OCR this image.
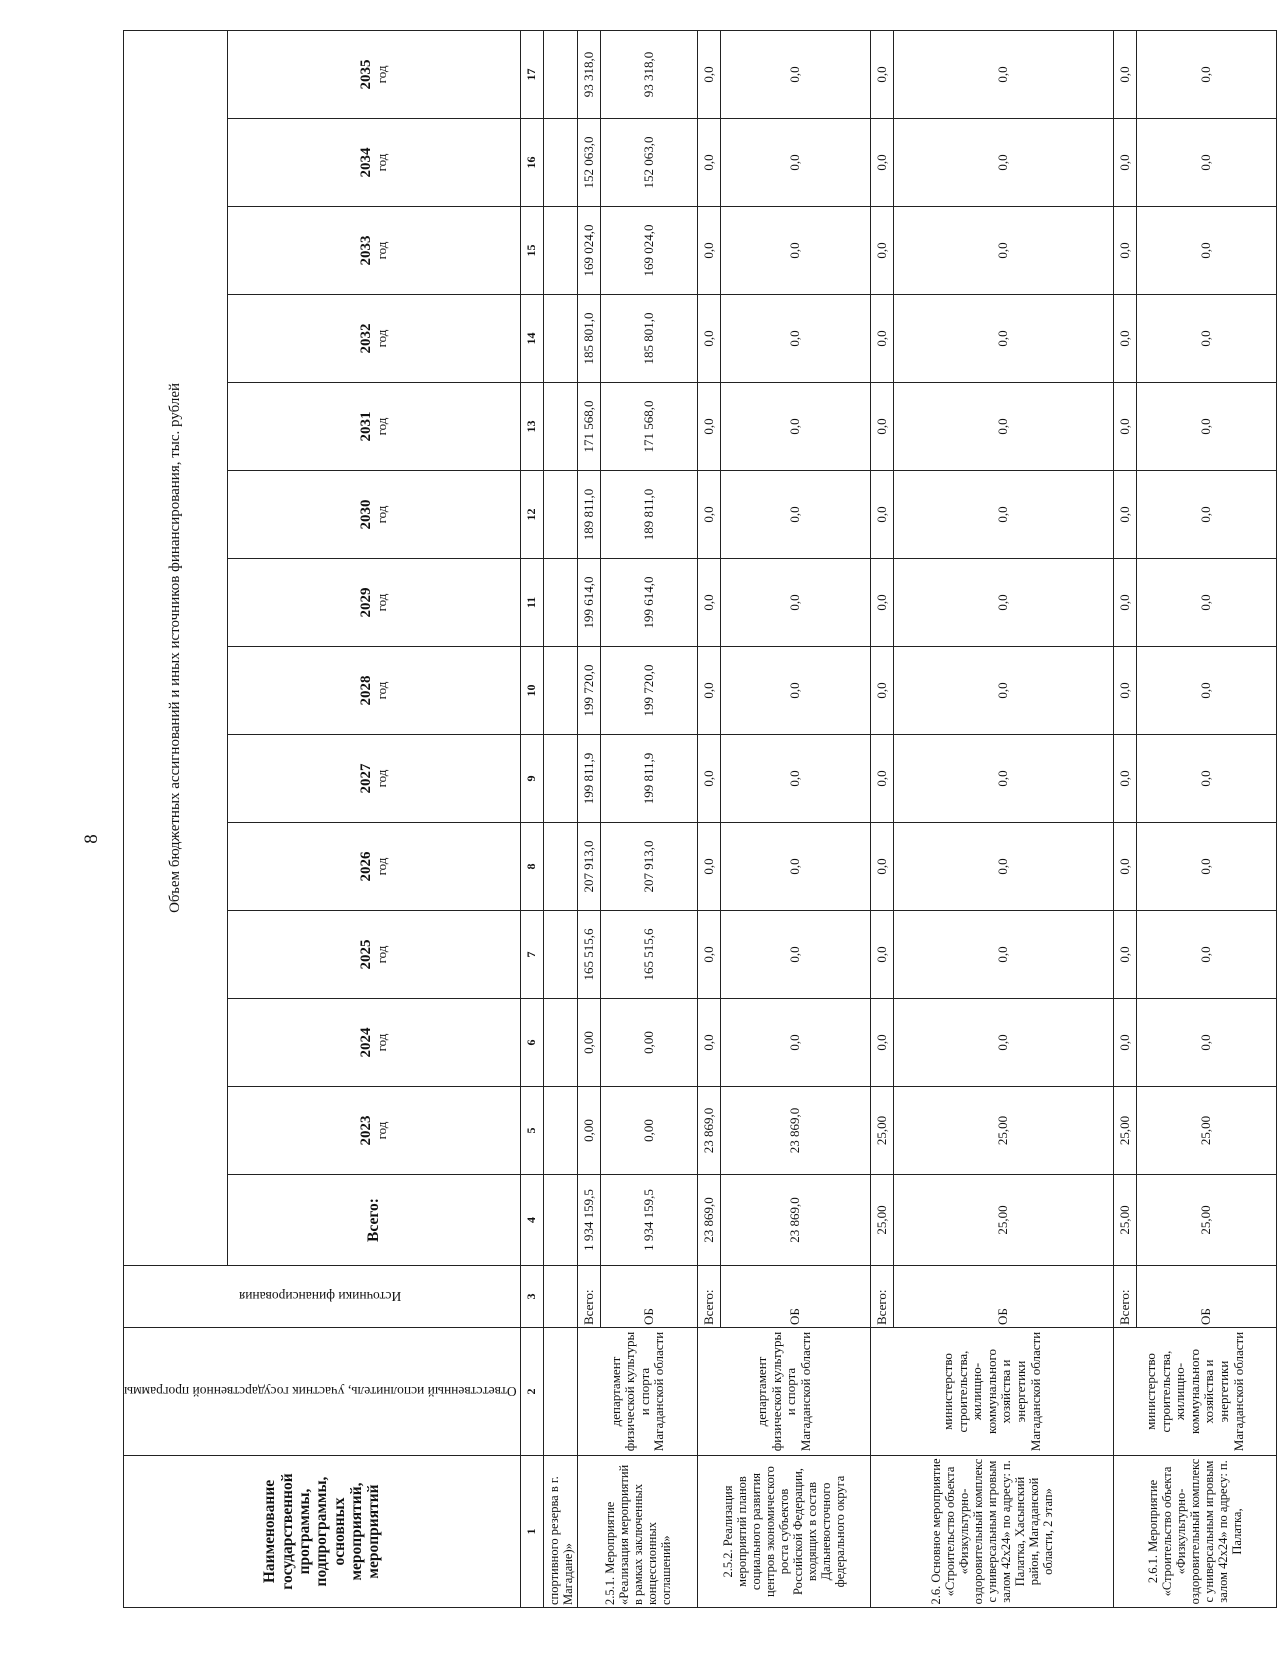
8
Наименование государственной программы, подпрограммы, основных мероприятий, мероприятий	Ответственный исполнитель, участник государственной программы	Источники финансирования	Объем бюджетных ассигнований и иных источников финансирования, тыс. рублей													
			Всего:	2023 год	2024 год	2025 год	2026 год	2027 год	2028 год	2029 год	2030 год	2031 год	2032 год	2033 год	2034 год	2035 год

1	2	3	4	5	6	7	8	9	10	11	12	13	14	15	16	17
спортивного резерва в г. Магадане)»																
2.5.1. Мероприятие «Реализация мероприятий в рамках заключенных концессионных соглашений»	департамент физической культуры и спорта Магаданской области	Всего:	1 934 159,5	0,00	0,00	165 515,6	207 913,0	199 811,9	199 720,0	199 614,0	189 811,0	171 568,0	185 801,0	169 024,0	152 063,0	93 318,0
		ОБ	1 934 159,5	0,00	0,00	165 515,6	207 913,0	199 811,9	199 720,0	199 614,0	189 811,0	171 568,0	185 801,0	169 024,0	152 063,0	93 318,0
2.5.2. Реализация мероприятий планов социального развития центров экономического роста субъектов Российской Федерации, входящих в состав Дальневосточного федерального округа	департамент физической культуры и спорта Магаданской области	Всего:	23 869,0	23 869,0	0,0	0,0	0,0	0,0	0,0	0,0	0,0	0,0	0,0	0,0	0,0	0,0
		ОБ	23 869,0	23 869,0	0,0	0,0	0,0	0,0	0,0	0,0	0,0	0,0	0,0	0,0	0,0	0,0
2.6. Основное мероприятие «Строительство объекта «Физкультурно-оздоровительный комплекс с универсальным игровым залом 42х24» по адресу: п. Палатка, Хасынский район, Магаданской области, 2 этап»	министерство строительства, жилищно-коммунального хозяйства и энергетики Магаданской области	Всего:	25,00	25,00	0,0	0,0	0,0	0,0	0,0	0,0	0,0	0,0	0,0	0,0	0,0	0,0
		ОБ	25,00	25,00	0,0	0,0	0,0	0,0	0,0	0,0	0,0	0,0	0,0	0,0	0,0	0,0
2.6.1. Мероприятие «Строительство объекта «Физкультурно-оздоровительный комплекс с универсальным игровым залом 42х24» по адресу: п. Палатка,	министерство строительства, жилищно-коммунального хозяйства и энергетики Магаданской области	Всего:	25,00	25,00	0,0	0,0	0,0	0,0	0,0	0,0	0,0	0,0	0,0	0,0	0,0	0,0
		ОБ	25,00	25,00	0,0	0,0	0,0	0,0	0,0	0,0	0,0	0,0	0,0	0,0	0,0	0,0
